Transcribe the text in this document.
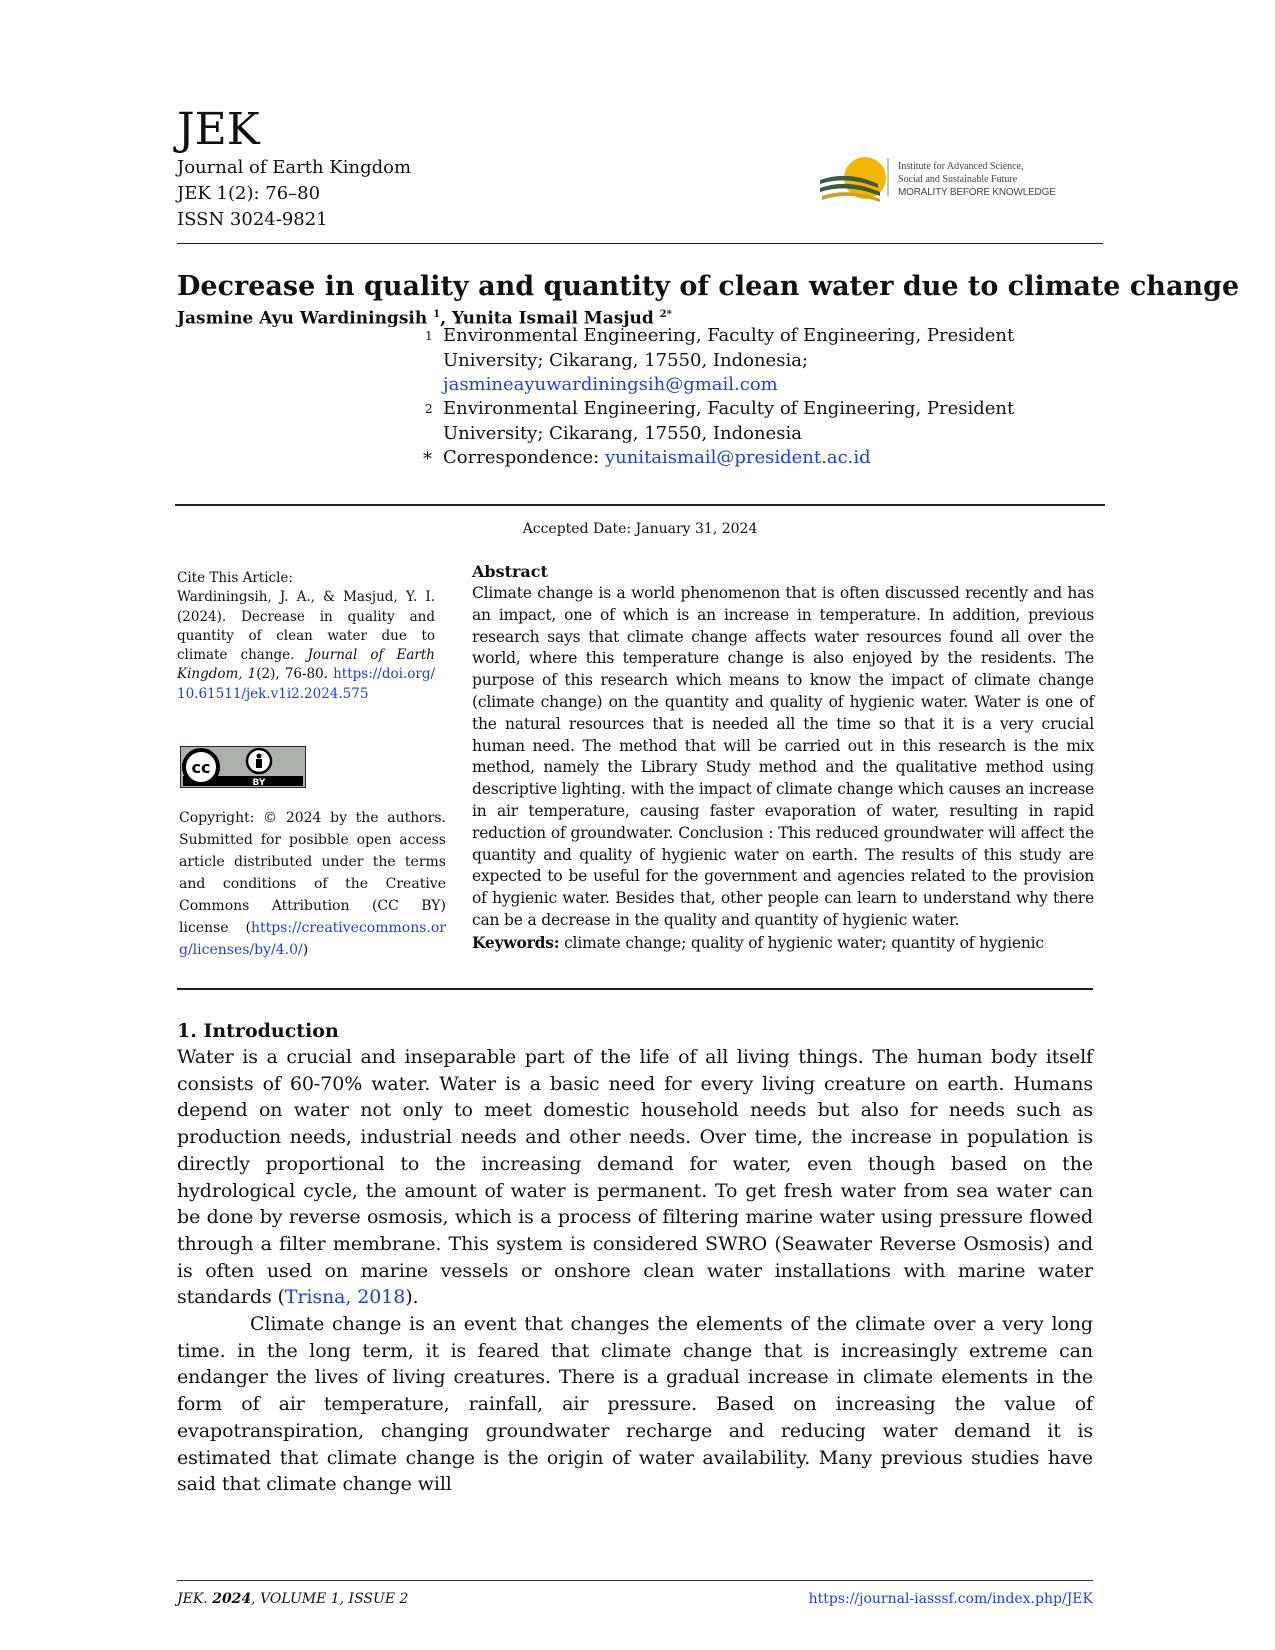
JEK
Journal of Earth Kingdom
JEK 1(2): 76–80
ISSN 3024-9821
Institute for Advanced Science,
Social and Sustainable Future
MORALITY BEFORE KNOWLEDGE
Decrease in quality and quantity of clean water due to climate change
Jasmine Ayu Wardiningsih $^1$, Yunita Ismail Masjud $^{2*}$
1 Environmental Engineering, Faculty of Engineering, President University; Cikarang, 17550, Indonesia;
jasmineayuwardiningsih@gmail.com
2 Environmental Engineering, Faculty of Engineering, President University; Cikarang, 17550, Indonesia
* Correspondence: yunitaismail@president.ac.id
Accepted Date: January 31, 2024
Cite This Article:
Wardiningsih, J. A., & Masjud, Y. I. (2024). Decrease in quality and quantity of clean water due to climate change. Journal of Earth Kingdom, 1(2), 76-80. https://doi.org/10.61511/jek.v1i2.2024.575
cc
BY
Copyright: © 2024 by the authors. Submitted for posibble open access article distributed under the terms and conditions of the Creative Commons Attribution (CC BY) license (https://creativecommons.org/licenses/by/4.0/)
Abstract
Climate change is a world phenomenon that is often discussed recently and has an impact, one of which is an increase in temperature. In addition, previous research says that climate change affects water resources found all over the world, where this temperature change is also enjoyed by the residents. The purpose of this research which means to know the impact of climate change (climate change) on the quantity and quality of hygienic water. Water is one of the natural resources that is needed all the time so that it is a very crucial human need. The method that will be carried out in this research is the mix method, namely the Library Study method and the qualitative method using descriptive lighting. with the impact of climate change which causes an increase in air temperature, causing faster evaporation of water, resulting in rapid reduction of groundwater. Conclusion : This reduced groundwater will affect the quantity and quality of hygienic water on earth. The results of this study are expected to be useful for the government and agencies related to the provision of hygienic water. Besides that, other people can learn to understand why there can be a decrease in the quality and quantity of hygienic water.
Keywords: climate change; quality of hygienic water; quantity of hygienic
1. Introduction
Water is a crucial and inseparable part of the life of all living things. The human body itself consists of 60-70% water. Water is a basic need for every living creature on earth. Humans depend on water not only to meet domestic household needs but also for needs such as production needs, industrial needs and other needs. Over time, the increase in population is directly proportional to the increasing demand for water, even though based on the hydrological cycle, the amount of water is permanent. To get fresh water from sea water can be done by reverse osmosis, which is a process of filtering marine water using pressure flowed through a filter membrane. This system is considered SWRO (Seawater Reverse Osmosis) and is often used on marine vessels or onshore clean water installations with marine water standards (Trisna, 2018).
Climate change is an event that changes the elements of the climate over a very long time. in the long term, it is feared that climate change that is increasingly extreme can endanger the lives of living creatures. There is a gradual increase in climate elements in the form of air temperature, rainfall, air pressure. Based on increasing the value of evapotranspiration, changing groundwater recharge and reducing water demand it is estimated that climate change is the origin of water availability. Many previous studies have said that climate change will
JEK. 2024, VOLUME 1, ISSUE 2	https://journal-iasssf.com/index.php/JEK
